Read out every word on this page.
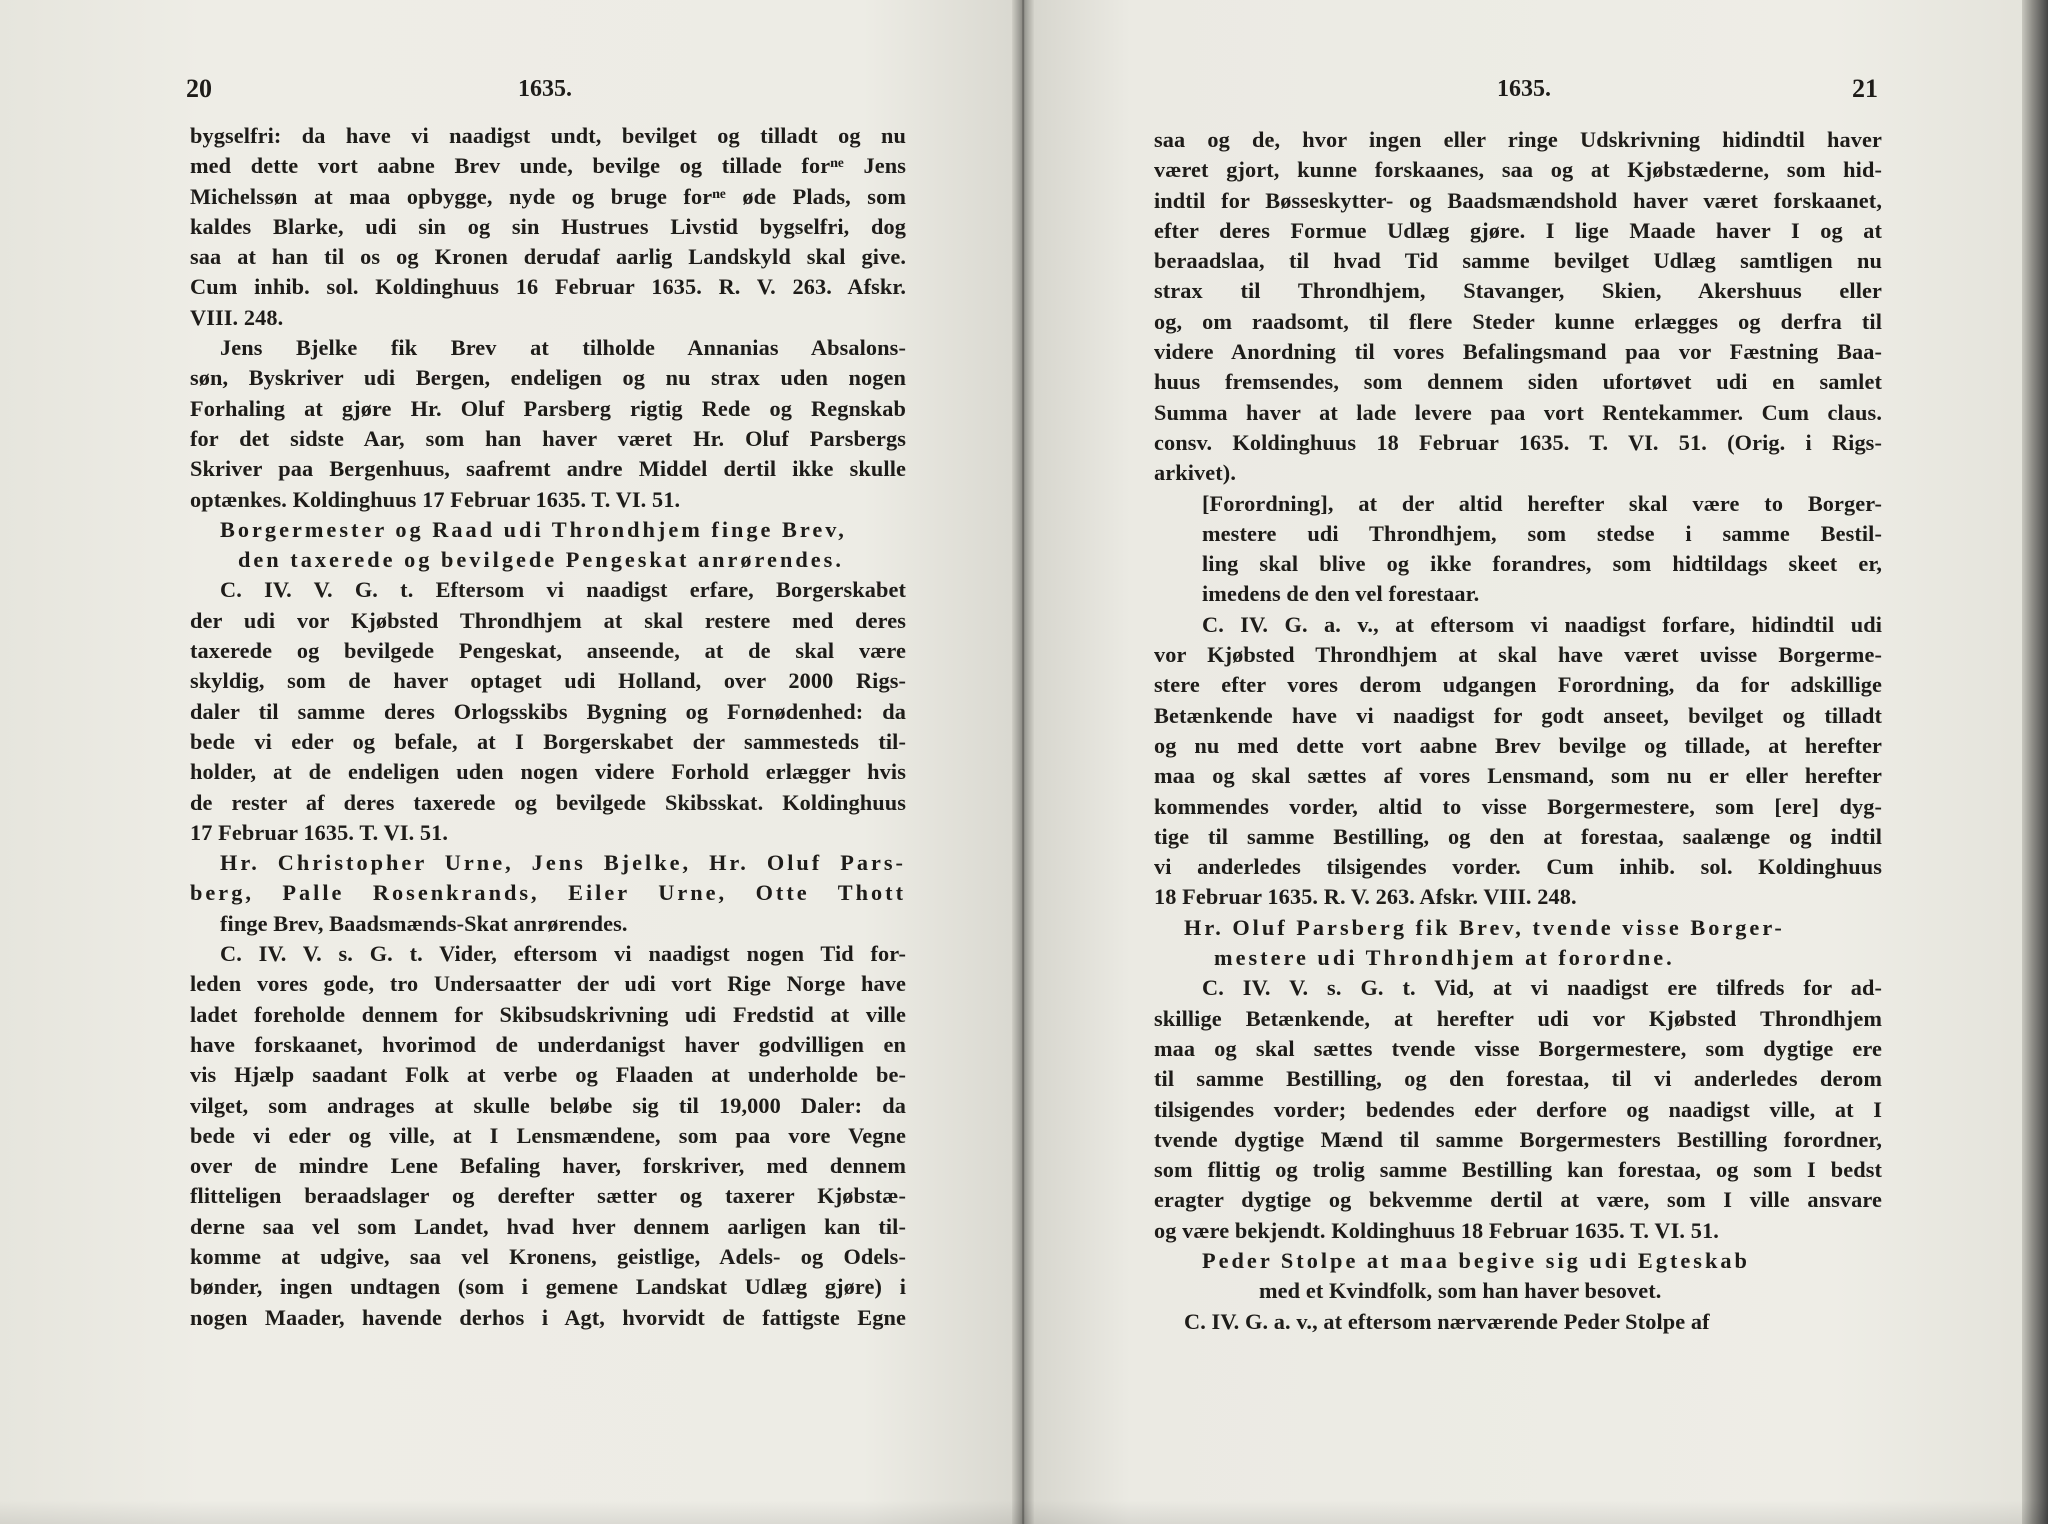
20	1635.
bygselfri: da have vi naadigst undt, bevilget og tilladt og nu
med dette vort aabne Brev unde, bevilge og tillade forⁿᵉ Jens
Michelssøn at maa opbygge, nyde og bruge forⁿᵉ øde Plads, som
kaldes Blarke, udi sin og sin Hustrues Livstid bygselfri, dog
saa at han til os og Kronen derudaf aarlig Landskyld skal give.
Cum inhib. sol. Koldinghuus 16 Februar 1635. R. V. 263. Afskr.
VIII. 248.
Jens Bjelke fik Brev at tilholde Annanias Absalons-
søn, Byskriver udi Bergen, endeligen og nu strax uden nogen
Forhaling at gjøre Hr. Oluf Parsberg rigtig Rede og Regnskab
for det sidste Aar, som han haver været Hr. Oluf Parsbergs
Skriver paa Bergenhuus, saafremt andre Middel dertil ikke skulle
optænkes. Koldinghuus 17 Februar 1635. T. VI. 51.
Borgermester og Raad udi Throndhjem finge Brev,
den taxerede og bevilgede Pengeskat anrørendes.
C. IV. V. G. t. Eftersom vi naadigst erfare, Borgerskabet
der udi vor Kjøbsted Throndhjem at skal restere med deres
taxerede og bevilgede Pengeskat, anseende, at de skal være
skyldig, som de haver optaget udi Holland, over 2000 Rigs-
daler til samme deres Orlogsskibs Bygning og Fornødenhed: da
bede vi eder og befale, at I Borgerskabet der sammesteds til-
holder, at de endeligen uden nogen videre Forhold erlægger hvis
de rester af deres taxerede og bevilgede Skibsskat. Koldinghuus
17 Februar 1635. T. VI. 51.
Hr. Christopher Urne, Jens Bjelke, Hr. Oluf Pars-
berg, Palle Rosenkrands, Eiler Urne, Otte Thott
finge Brev, Baadsmænds-Skat anrørendes.
C. IV. V. s. G. t. Vider, eftersom vi naadigst nogen Tid for-
leden vores gode, tro Undersaatter der udi vort Rige Norge have
ladet foreholde dennem for Skibsudskrivning udi Fredstid at ville
have forskaanet, hvorimod de underdanigst haver godvilligen en
vis Hjælp saadant Folk at verbe og Flaaden at underholde be-
vilget, som andrages at skulle beløbe sig til 19,000 Daler: da
bede vi eder og ville, at I Lensmændene, som paa vore Vegne
over de mindre Lene Befaling haver, forskriver, med dennem
flitteligen beraadslager og derefter sætter og taxerer Kjøbstæ-
derne saa vel som Landet, hvad hver dennem aarligen kan til-
komme at udgive, saa vel Kronens, geistlige, Adels- og Odels-
bønder, ingen undtagen (som i gemene Landskat Udlæg gjøre) i
nogen Maader, havende derhos i Agt, hvorvidt de fattigste Egne
1635.	21
saa og de, hvor ingen eller ringe Udskrivning hidindtil haver
været gjort, kunne forskaanes, saa og at Kjøbstæderne, som hid-
indtil for Bøsseskytter- og Baadsmændshold haver været forskaanet,
efter deres Formue Udlæg gjøre. I lige Maade haver I og at
beraadslaa, til hvad Tid samme bevilget Udlæg samtligen nu
strax til Throndhjem, Stavanger, Skien, Akershuus eller
og, om raadsomt, til flere Steder kunne erlægges og derfra til
videre Anordning til vores Befalingsmand paa vor Fæstning Baa-
huus fremsendes, som dennem siden ufortøvet udi en samlet
Summa haver at lade levere paa vort Rentekammer. Cum claus.
consv. Koldinghuus 18 Februar 1635. T. VI. 51. (Orig. i Rigs-
arkivet).
[Forordning], at der altid herefter skal være to Borger-
mestere udi Throndhjem, som stedse i samme Bestil-
ling skal blive og ikke forandres, som hidtildags skeet er,
imedens de den vel forestaar.
C. IV. G. a. v., at eftersom vi naadigst forfare, hidindtil udi
vor Kjøbsted Throndhjem at skal have været uvisse Borgerme-
stere efter vores derom udgangen Forordning, da for adskillige
Betænkende have vi naadigst for godt anseet, bevilget og tilladt
og nu med dette vort aabne Brev bevilge og tillade, at herefter
maa og skal sættes af vores Lensmand, som nu er eller herefter
kommendes vorder, altid to visse Borgermestere, som [ere] dyg-
tige til samme Bestilling, og den at forestaa, saalænge og indtil
vi anderledes tilsigendes vorder. Cum inhib. sol. Koldinghuus
18 Februar 1635. R. V. 263. Afskr. VIII. 248.
Hr. Oluf Parsberg fik Brev, tvende visse Borger-
mestere udi Throndhjem at forordne.
C. IV. V. s. G. t. Vid, at vi naadigst ere tilfreds for ad-
skillige Betænkende, at herefter udi vor Kjøbsted Throndhjem
maa og skal sættes tvende visse Borgermestere, som dygtige ere
til samme Bestilling, og den forestaa, til vi anderledes derom
tilsigendes vorder; bedendes eder derfore og naadigst ville, at I
tvende dygtige Mænd til samme Borgermesters Bestilling forordner,
som flittig og trolig samme Bestilling kan forestaa, og som I bedst
eragter dygtige og bekvemme dertil at være, som I ville ansvare
og være bekjendt. Koldinghuus 18 Februar 1635. T. VI. 51.
Peder Stolpe at maa begive sig udi Egteskab
med et Kvindfolk, som han haver besovet.
C. IV. G. a. v., at eftersom nærværende Peder Stolpe af
